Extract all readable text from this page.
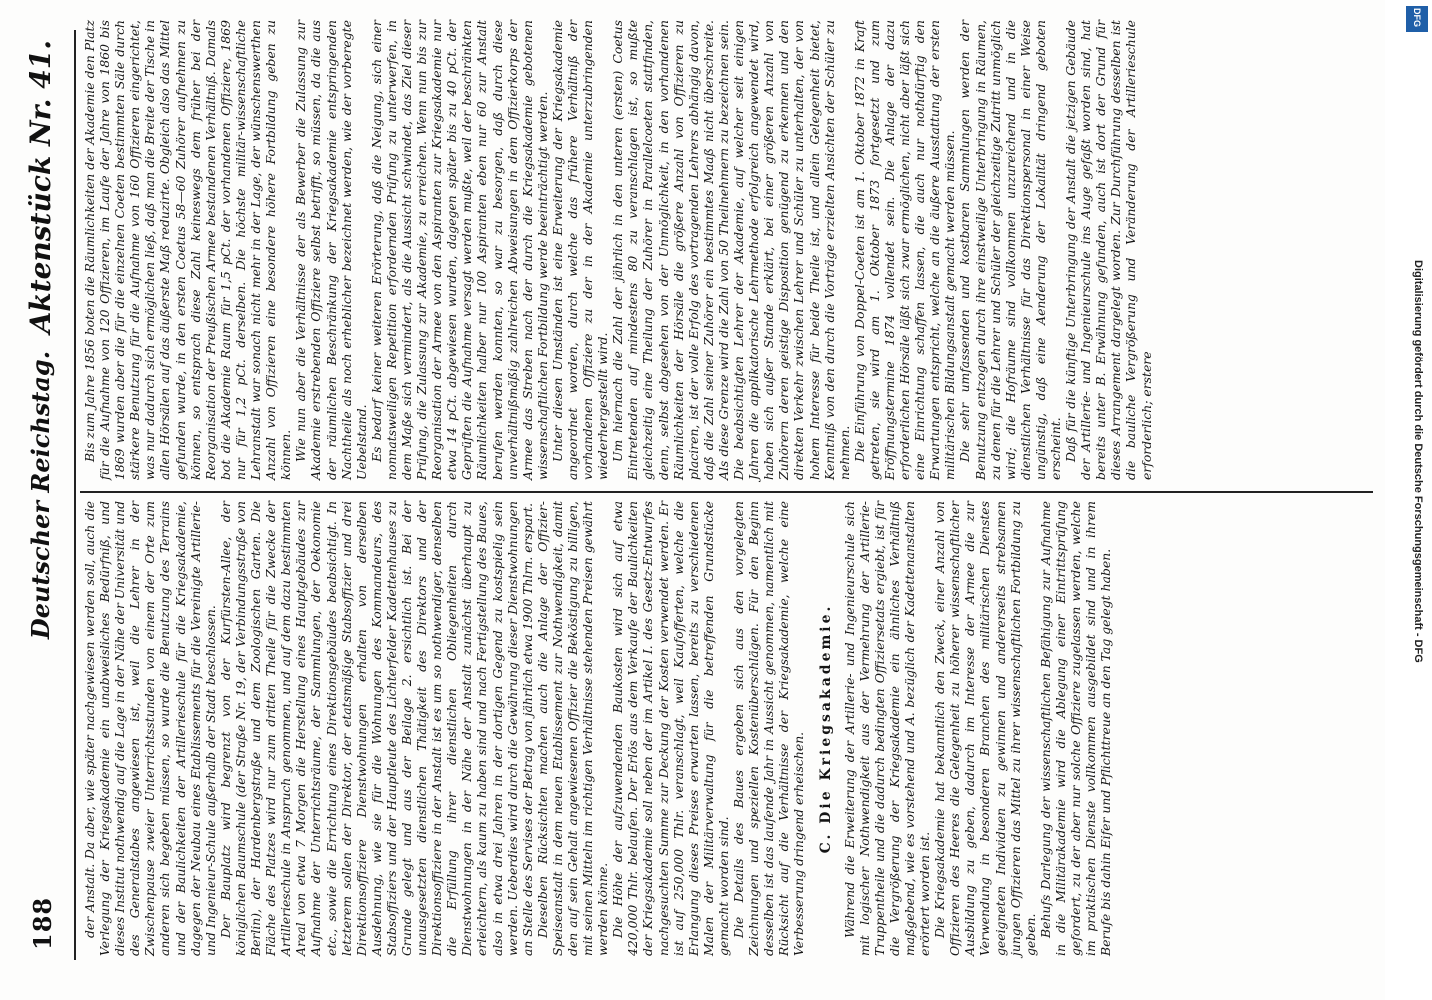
188
Deutscher Reichstag.
Aktenstück Nr. 41.

der Anstalt. Da aber, wie später nachgewiesen werden soll, auch die Verlegung der Kriegsakademie ein unabweisliches Bedürfniß, und dieses Institut nothwendig auf die Lage in der Nähe der Universität und des Generalstabes angewiesen ist, weil die Lehrer in der Zwischenpause zweier Unterrichtsstunden von einem der Orte zum anderen sich begeben müssen, so wurde die Benutzung des Terrains und der Baulichkeiten der Artillerieschule für die Kriegsakademie, dagegen der Neubau eines Etablissements für die Vereinigte Artillerie- und Ingenieur-Schule außerhalb der Stadt beschlossen. Der Bauplatz wird begrenzt von der Kurfürsten-Allee, der königlichen Baumschule (der Straße Nr. 19, der Verbindungsstraße von Berlin), der Hardenbergstraße und dem Zoologischen Garten. Die Fläche des Platzes wird nur zum dritten Theile für die Zwecke der Artillerieschule in Anspruch genommen, und auf dem dazu bestimmten Areal von etwa 7 Morgen die Herstellung eines Hauptgebäudes zur Aufnahme der Unterrichtsräume, der Sammlungen, der Oekonomie etc., sowie die Errichtung eines Direktionsgebäudes beabsichtigt. In letzterem sollen der Direktor, der etatsmäßige Stabsoffizier und drei Direktionsoffiziere Dienstwohnungen erhalten von derselben Ausdehnung, wie sie für die Wohnungen des Kommandeurs, des Stabsoffiziers und der Hauptleute des Lichterfelder Kadettenhauses zu Grunde gelegt und aus der Beilage 2. ersichtlich ist. Bei der unausgesetzten dienstlichen Thätigkeit des Direktors und der Direktionsoffiziere in der Anstalt ist es um so nothwendiger, denselben die Erfüllung ihrer dienstlichen Obliegenheiten durch Dienstwohnungen in der Nähe der Anstalt zunächst überhaupt zu erleichtern, als kaum zu haben sind und nach Fertigstellung des Baues, also in etwa drei Jahren in der dortigen Gegend zu kostspielig sein werden. Ueberdies wird durch die Gewährung dieser Dienstwohnungen an Stelle des Servises der Betrag von jährlich etwa 1900 Thlrn. erspart. Dieselben Rücksichten machen auch die Anlage der Offizier-Speiseanstalt in dem neuen Etablissement zur Nothwendigkeit, damit den auf sein Gehalt angewiesenen Offizier die Beköstigung zu billigen, mit seinen Mitteln im richtigen Verhältnisse stehenden Preisen gewährt werden könne. Die Höhe der aufzuwendenden Baukosten wird sich auf etwa 420,000 Thlr. belaufen. Der Erlös aus dem Verkaufe der Baulichkeiten der Kriegsakademie soll neben der im Artikel I. des Gesetz-Entwurfes nachgesuchten Summe zur Deckung der Kosten verwendet werden. Er ist auf 250,000 Thlr. veranschlagt, weil Kaufofferten, welche die Erlangung dieses Preises erwarten lassen, bereits zu verschiedenen Malen der Militärverwaltung für die betreffenden Grundstücke gemacht worden sind. Die Details des Baues ergeben sich aus den vorgelegten Zeichnungen und speziellen Kostenüberschlägen. Für den Beginn desselben ist das laufende Jahr in Aussicht genommen, namentlich mit Rücksicht auf die Verhältnisse der Kriegsakademie, welche eine Verbesserung dringend erheischen. C. Die Kriegsakademie. Während die Erweiterung der Artillerie- und Ingenieurschule sich mit logischer Nothwendigkeit aus der Vermehrung der Artillerie-Truppentheile und die dadurch bedingten Offiziersetats ergiebt, ist für die Vergrößerung der Kriegsakademie ein ähnliches Verhältniß maßgebend, wie es vorstehend und A. bezüglich der Kadettenanstalten erörtert worden ist. Die Kriegsakademie hat bekanntlich den Zweck, einer Anzahl von Offizieren des Heeres die Gelegenheit zu höherer wissenschaftlicher Ausbildung zu geben, dadurch im Interesse der Armee die zur Verwendung in besonderen Branchen des militärischen Dienstes geeigneten Individuen zu gewinnen und andererseits strebsamen jungen Offizieren das Mittel zu ihrer wissenschaftlichen Fortbildung zu geben. Behufs Darlegung der wissenschaftlichen Befähigung zur Aufnahme in die Militärakademie wird die Ablegung einer Eintrittsprüfung gefordert, zu der aber nur solche Offiziere zugelassen werden, welche im praktischen Dienste vollkommen ausgebildet sind und in ihrem Berufe bis dahin Eifer und Pflichttreue an den Tag gelegt haben.

Bis zum Jahre 1856 boten die Räumlichkeiten der Akademie den Platz für die Aufnahme von 120 Offizieren, im Laufe der Jahre von 1860 bis 1869 wurden aber die für die einzelnen Coeten bestimmten Säle durch stärkere Benutzung für die Aufnahme von 160 Offizieren eingerichtet, was nur dadurch sich ermöglichen ließ, daß man die Breite der Tische in allen Hörsälen auf das äußerste Maß reduzirte. Obgleich also das Mittel gefunden wurde, in den ersten Coetus 58—60 Zuhörer aufnehmen zu können, so entsprach diese Zahl keineswegs dem früher bei der Reorganisation der Preußischen Armee bestandenen Verhältniß. Damals bot die Akademie Raum für 1,5 pCt. der vorhandenen Offiziere, 1869 nur für 1,2 pCt. derselben. Die höchste militär-wissenschaftliche Lehranstalt war sonach nicht mehr in der Lage, der wünschenswerthen Anzahl von Offizieren eine besondere höhere Fortbildung geben zu können. Wie nun aber die Verhältnisse der als Bewerber die Zulassung zur Akademie erstrebenden Offiziere selbst betrifft, so müssen, da die aus der räumlichen Beschränkung der Kriegsakademie entspringenden Nachtheile als noch erheblicher bezeichnet werden, wie der vorberegte Uebelstand. Es bedarf keiner weiteren Erörterung, daß die Neigung, sich einer nonnatsweiligen Repetition erfordernden Prüfung zu unterwerfen, in dem Maße sich vermindert, als die Aussicht schwindet, das Ziel dieser Prüfung, die Zulassung zur Akademie, zu erreichen. Wenn nun bis zur Reorganisation der Armee von den Aspiranten zur Kriegsakademie nur etwa 14 pCt. abgewiesen wurden, dagegen später bis zu 40 pCt. der Geprüften die Aufnahme versagt werden mußte, weil der beschränkten Räumlichkeiten halber nur 100 Aspiranten eben nur 60 zur Anstalt berufen werden konnten, so war zu besorgen, daß durch diese unverhältnißmäßig zahlreichen Abweisungen in dem Offizierkorps der Armee das Streben nach der durch die Kriegsakademie gebotenen wissenschaftlichen Fortbildung werde beeinträchtigt werden. Unter diesen Umständen ist eine Erweiterung der Kriegsakademie angeordnet worden, durch welche das frühere Verhältniß der vorhandenen Offiziere zu der in der Akademie unterzubringenden wiederhergestellt wird. Um hiernach die Zahl der jährlich in den unteren (ersten) Coetus Eintretenden auf mindestens 80 zu veranschlagen ist, so mußte gleichzeitig eine Theilung der Zuhörer in Parallelcoeten stattfinden, denn, selbst abgesehen von der Unmöglichkeit, in den vorhandenen Räumlichkeiten der Hörsäle die größere Anzahl von Offizieren zu placiren, ist der volle Erfolg des vortragenden Lehrers abhängig davon, daß die Zahl seiner Zuhörer ein bestimmtes Maaß nicht überschreite. Als diese Grenze wird die Zahl von 50 Theilnehmern zu bezeichnen sein. Die beabsichtigten Lehrer der Akademie, auf welcher seit einigen Jahren die applikatorische Lehrmethode erfolgreich angewendet wird, haben sich außer Stande erklärt, bei einer größeren Anzahl von Zuhörern deren geistige Disposition genügend zu erkennen und den direkten Verkehr zwischen Lehrer und Schüler zu unterhalten, der von hohem Interesse für beide Theile ist, und allein Gelegenheit bietet, Kenntniß von den durch die Vorträge erzielten Ansichten der Schüler zu nehmen. Die Einführung von Doppel-Coeten ist am 1. Oktober 1872 in Kraft getreten, sie wird am 1. Oktober 1873 fortgesetzt und zum Eröffnungstermine 1874 vollendet sein. Die Anlage der dazu erforderlichen Hörsäle läßt sich zwar ermöglichen, nicht aber läßt sich eine Einrichtung schaffen lassen, die auch nur nothdürftig den Erwartungen entspricht, welche an die äußere Ausstattung der ersten militärischen Bildungsanstalt gemacht werden müssen. Die sehr umfassenden und kostbaren Sammlungen werden der Benutzung entzogen durch ihre einstweilige Unterbringung in Räumen, zu denen für die Lehrer und Schüler der gleichzeitige Zutritt unmöglich wird; die Hofräume sind vollkommen unzureichend und in die dienstlichen Verhältnisse für das Direktionspersonal in einer Weise ungünstig, daß eine Aenderung der Lokalität dringend geboten erscheint. Daß für die künftige Unterbringung der Anstalt die jetzigen Gebäude der Artillerie- und Ingenieurschule ins Auge gefaßt worden sind, hat bereits unter B. Erwähnung gefunden, auch ist dort der Grund für dieses Arrangement dargelegt worden. Zur Durchführung desselben ist die bauliche Vergrößerung und Veränderung der Artillerieschule erforderlich; erstere

DFG
Digitalisierung gefördert durch die Deutsche Forschungsgemeinschaft - DFG
